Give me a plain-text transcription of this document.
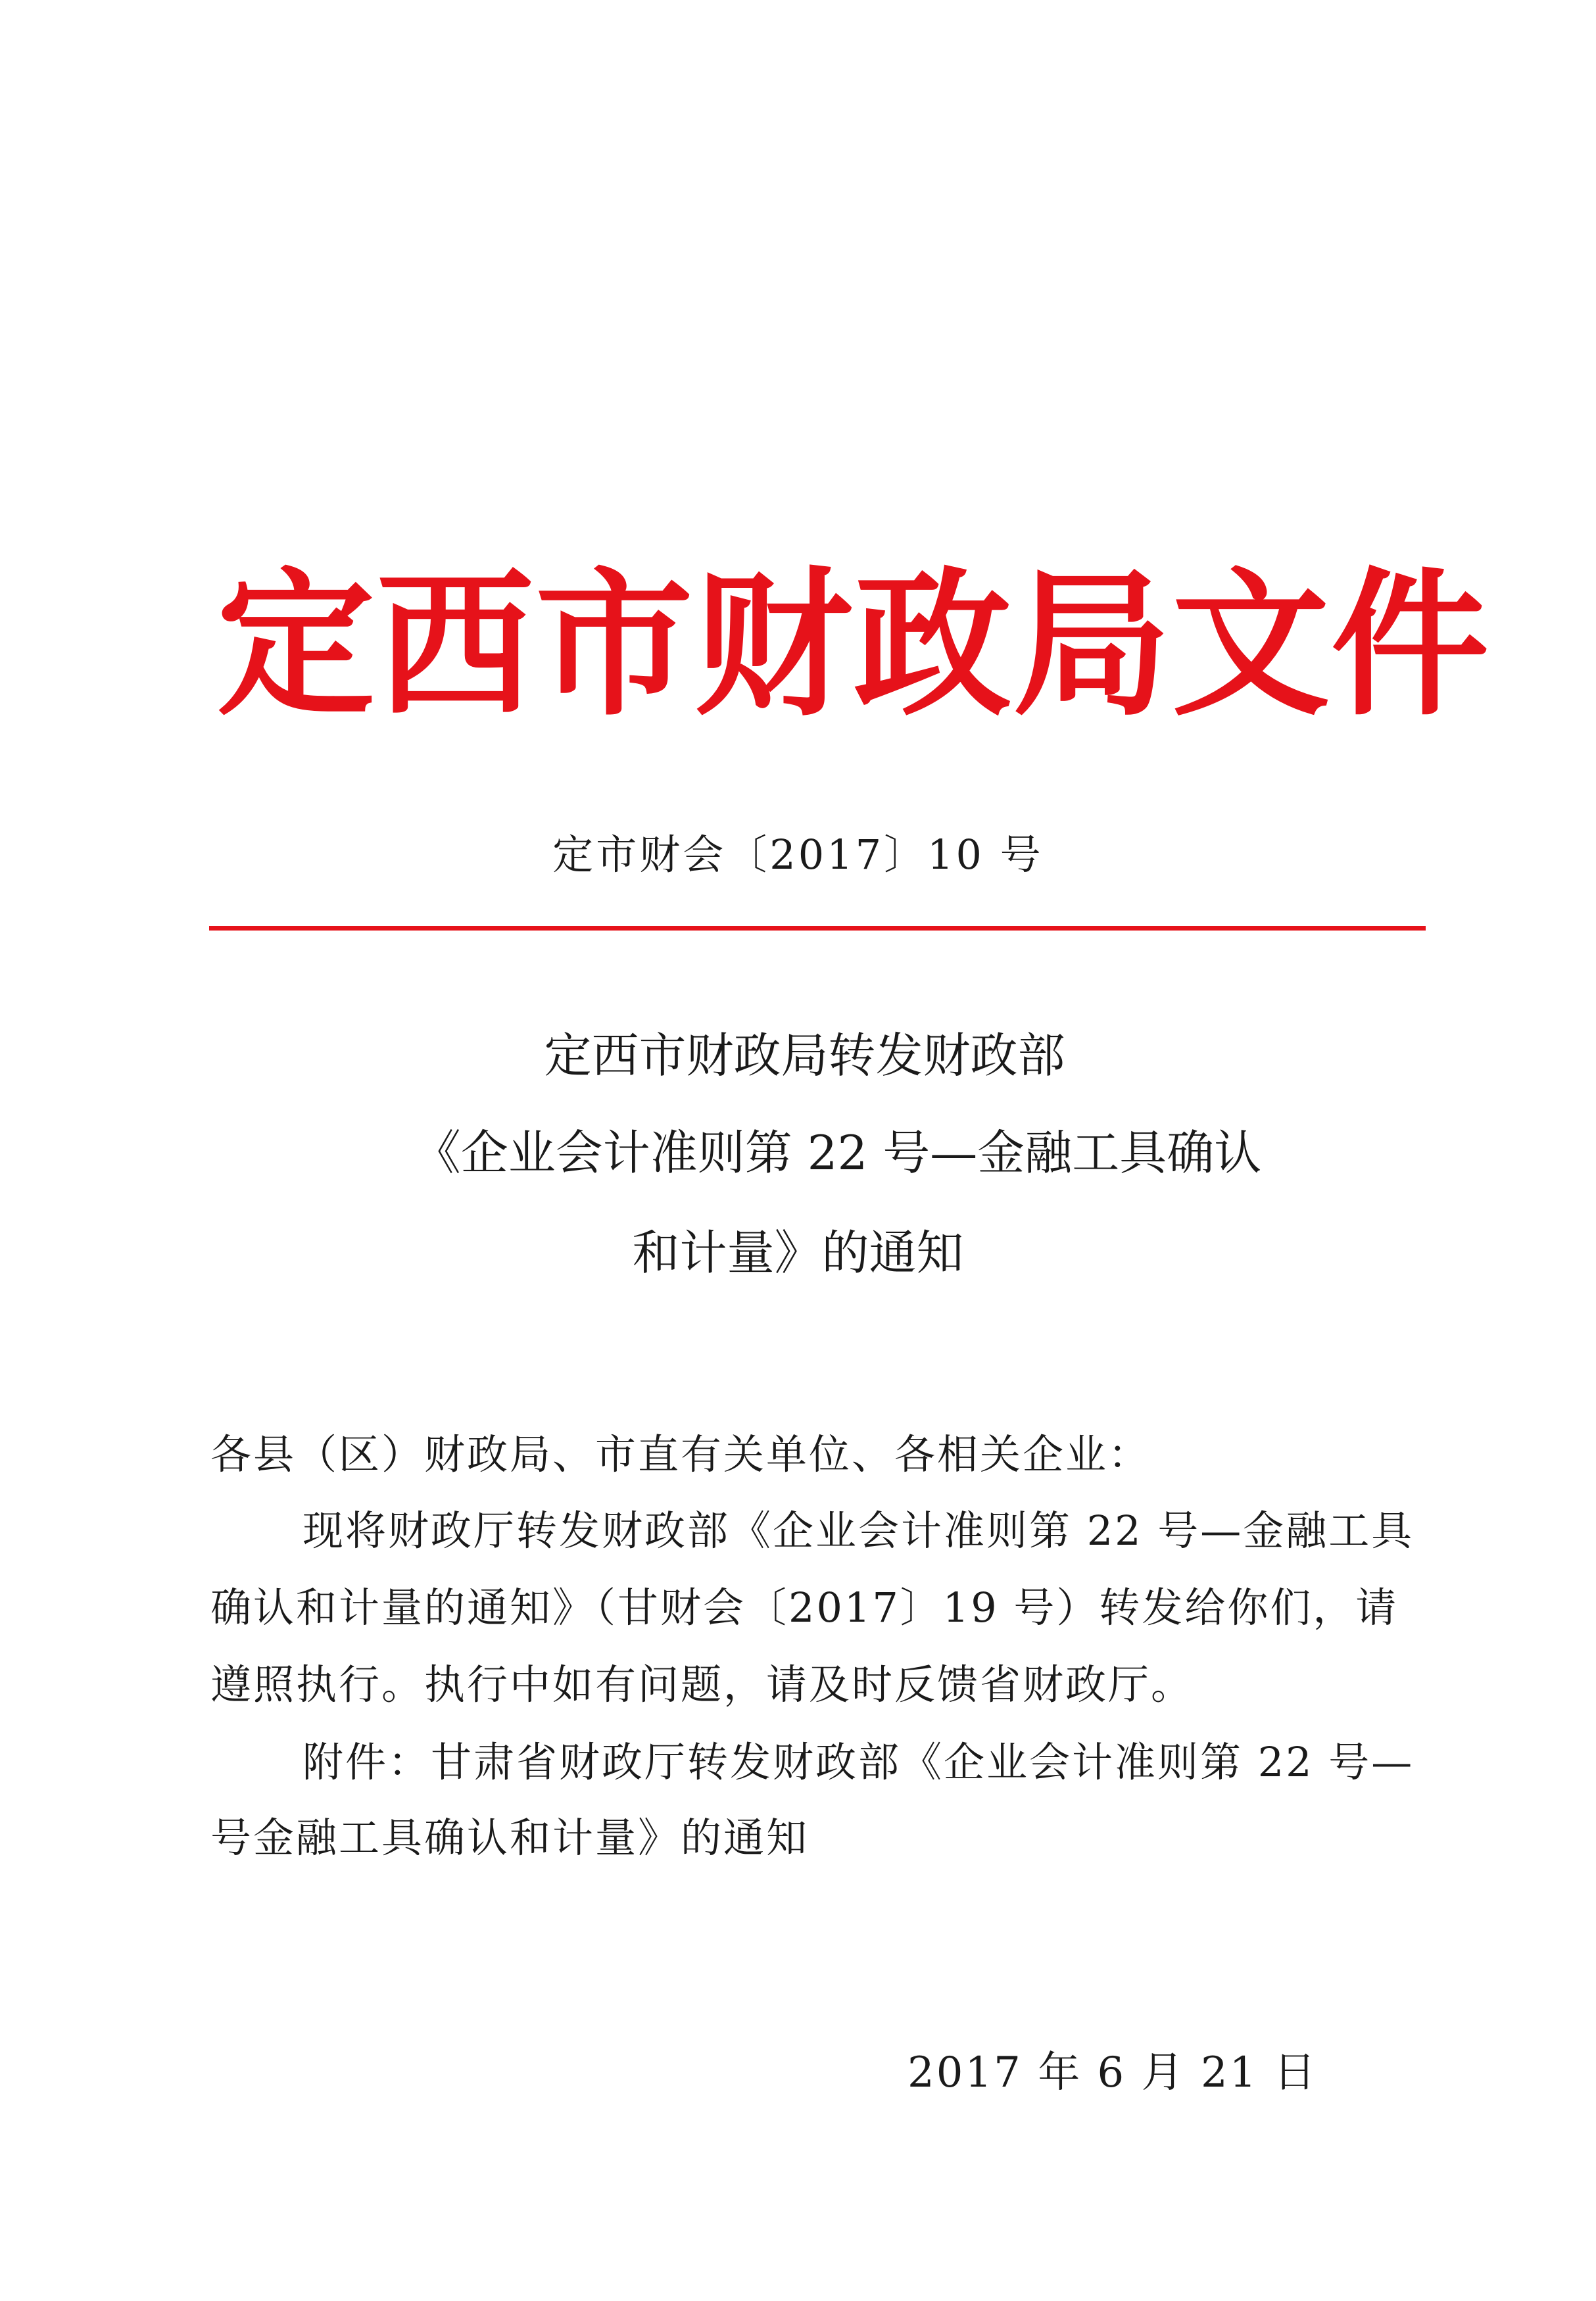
定西市财政局文件
定市财会〔2017〕10 号
定西市财政局转发财政部
《企业会计准则第 22 号—金融工具确认
和计量》的通知
各县（区）财政局、市直有关单位、各相关企业：
现将财政厅转发财政部《企业会计准则第 22 号—金融工具
确认和计量的通知》（甘财会〔2017〕19 号）转发给你们，请
遵照执行。执行中如有问题，请及时反馈省财政厅。
附件：甘肃省财政厅转发财政部《企业会计准则第 22 号—
号金融工具确认和计量》的通知
2017 年 6 月 21 日
